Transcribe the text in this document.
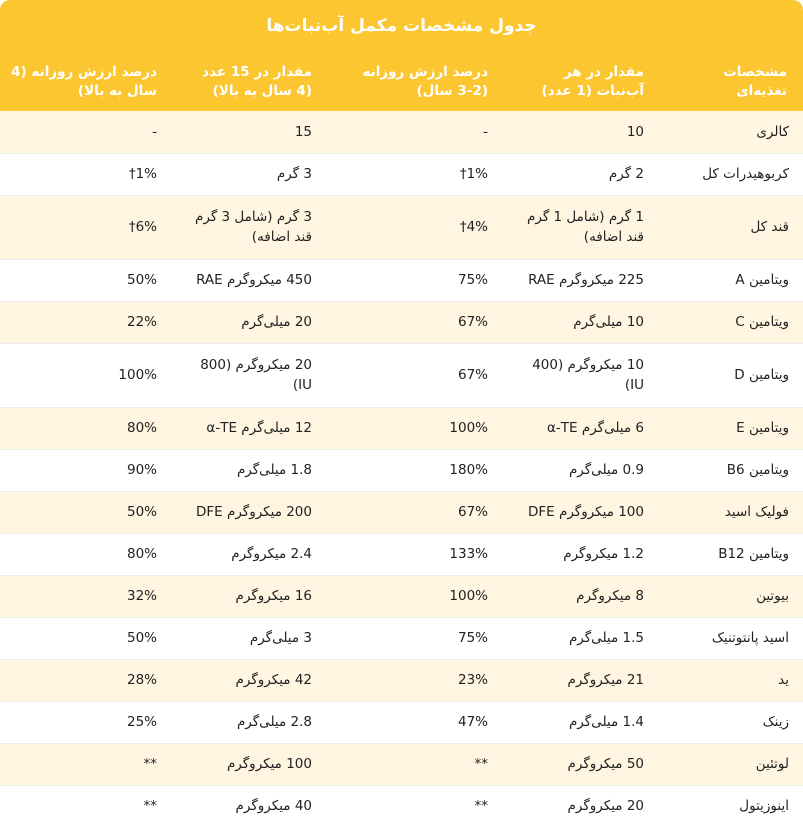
جدول مشخصات مکمل آب‌نبات‌ها
مشخصات تغذیه‌ای	مقدار در هر آب‌نبات (1 عدد)	درصد ارزش روزانه (2-3 سال)	مقدار در 15 عدد (4 سال به بالا)	درصد ارزش روزانه (4 سال به بالا)
کالری	10	-	15	-
کربوهیدرات کل	2 گرم	1%†	3 گرم	1%†
قند کل	1 گرم (شامل 1 گرم قند اضافه)	4%†	3 گرم (شامل 3 گرم قند اضافه)	6%†
ویتامین A	225 میکروگرم RAE	75%	450 میکروگرم RAE	50%
ویتامین C	10 میلی‌گرم	67%	20 میلی‌گرم	22%
ویتامین D	10 میکروگرم (400 IU)	67%	20 میکروگرم (800 IU)	100%
ویتامین E	6 میلی‌گرم α-TE	100%	12 میلی‌گرم α-TE	80%
ویتامین B6	0.9 میلی‌گرم	180%	1.8 میلی‌گرم	90%
فولیک اسید	100 میکروگرم DFE	67%	200 میکروگرم DFE	50%
ویتامین B12	1.2 میکروگرم	133%	2.4 میکروگرم	80%
بیوتین	8 میکروگرم	100%	16 میکروگرم	32%
اسید پانتوتنیک	1.5 میلی‌گرم	75%	3 میلی‌گرم	50%
ید	21 میکروگرم	23%	42 میکروگرم	28%
زینک	1.4 میلی‌گرم	47%	2.8 میلی‌گرم	25%
لوتئین	50 میکروگرم	**	100 میکروگرم	**
اینوزیتول	20 میکروگرم	**	40 میکروگرم	**
